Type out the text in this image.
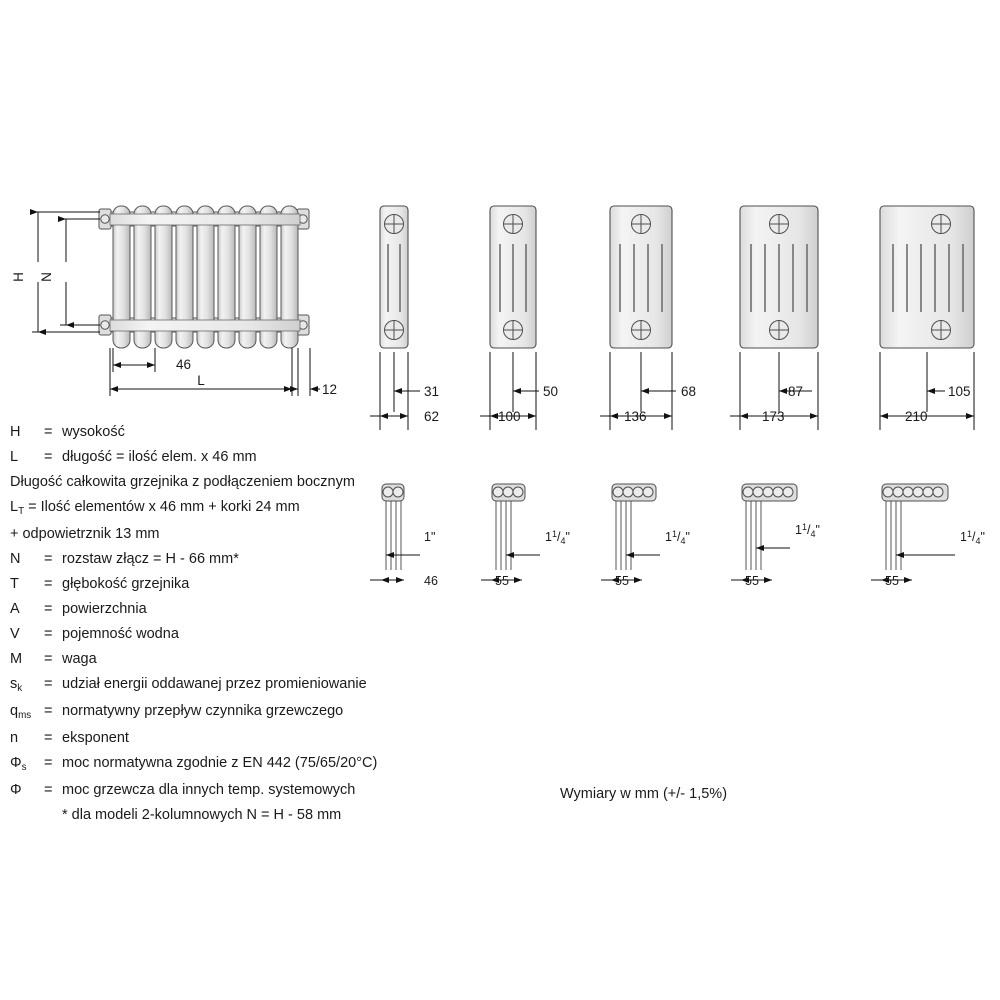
H N
46
L
12	31
62
50
100
68
136
87
173
105
210
1"
46
$1^1/_4$"
55
$1^1/_4$"
55
$1^1/_4$"
55
$1^1/_4$"
55
H	= wysokość
L	= długość = ilość elem. x 46 mm
Długość całkowita grzejnika z podłączeniem bocznym
$L_T$ = Ilość elementów x 46 mm + korki 24 mm
+ odpowietrznik 13 mm
N	= rozstaw złącz = H - 66 mm*
T	= głębokość grzejnika
A	= powierzchnia
V	= pojemność wodna
M	= waga
$s_k$	= udział energii oddawanej przez promieniowanie
$q_{ms}$ = normatywny przepływ czynnika grzewczego
n	= eksponent
$\Phi_s$	= moc normatywna zgodnie z EN 442 (75/65/20°C)
Φ	= moc grzewcza dla innych temp. systemowych
* dla modeli 2-kolumnowych N = H - 58 mm
Wymiary w mm (+/- 1,5%)
